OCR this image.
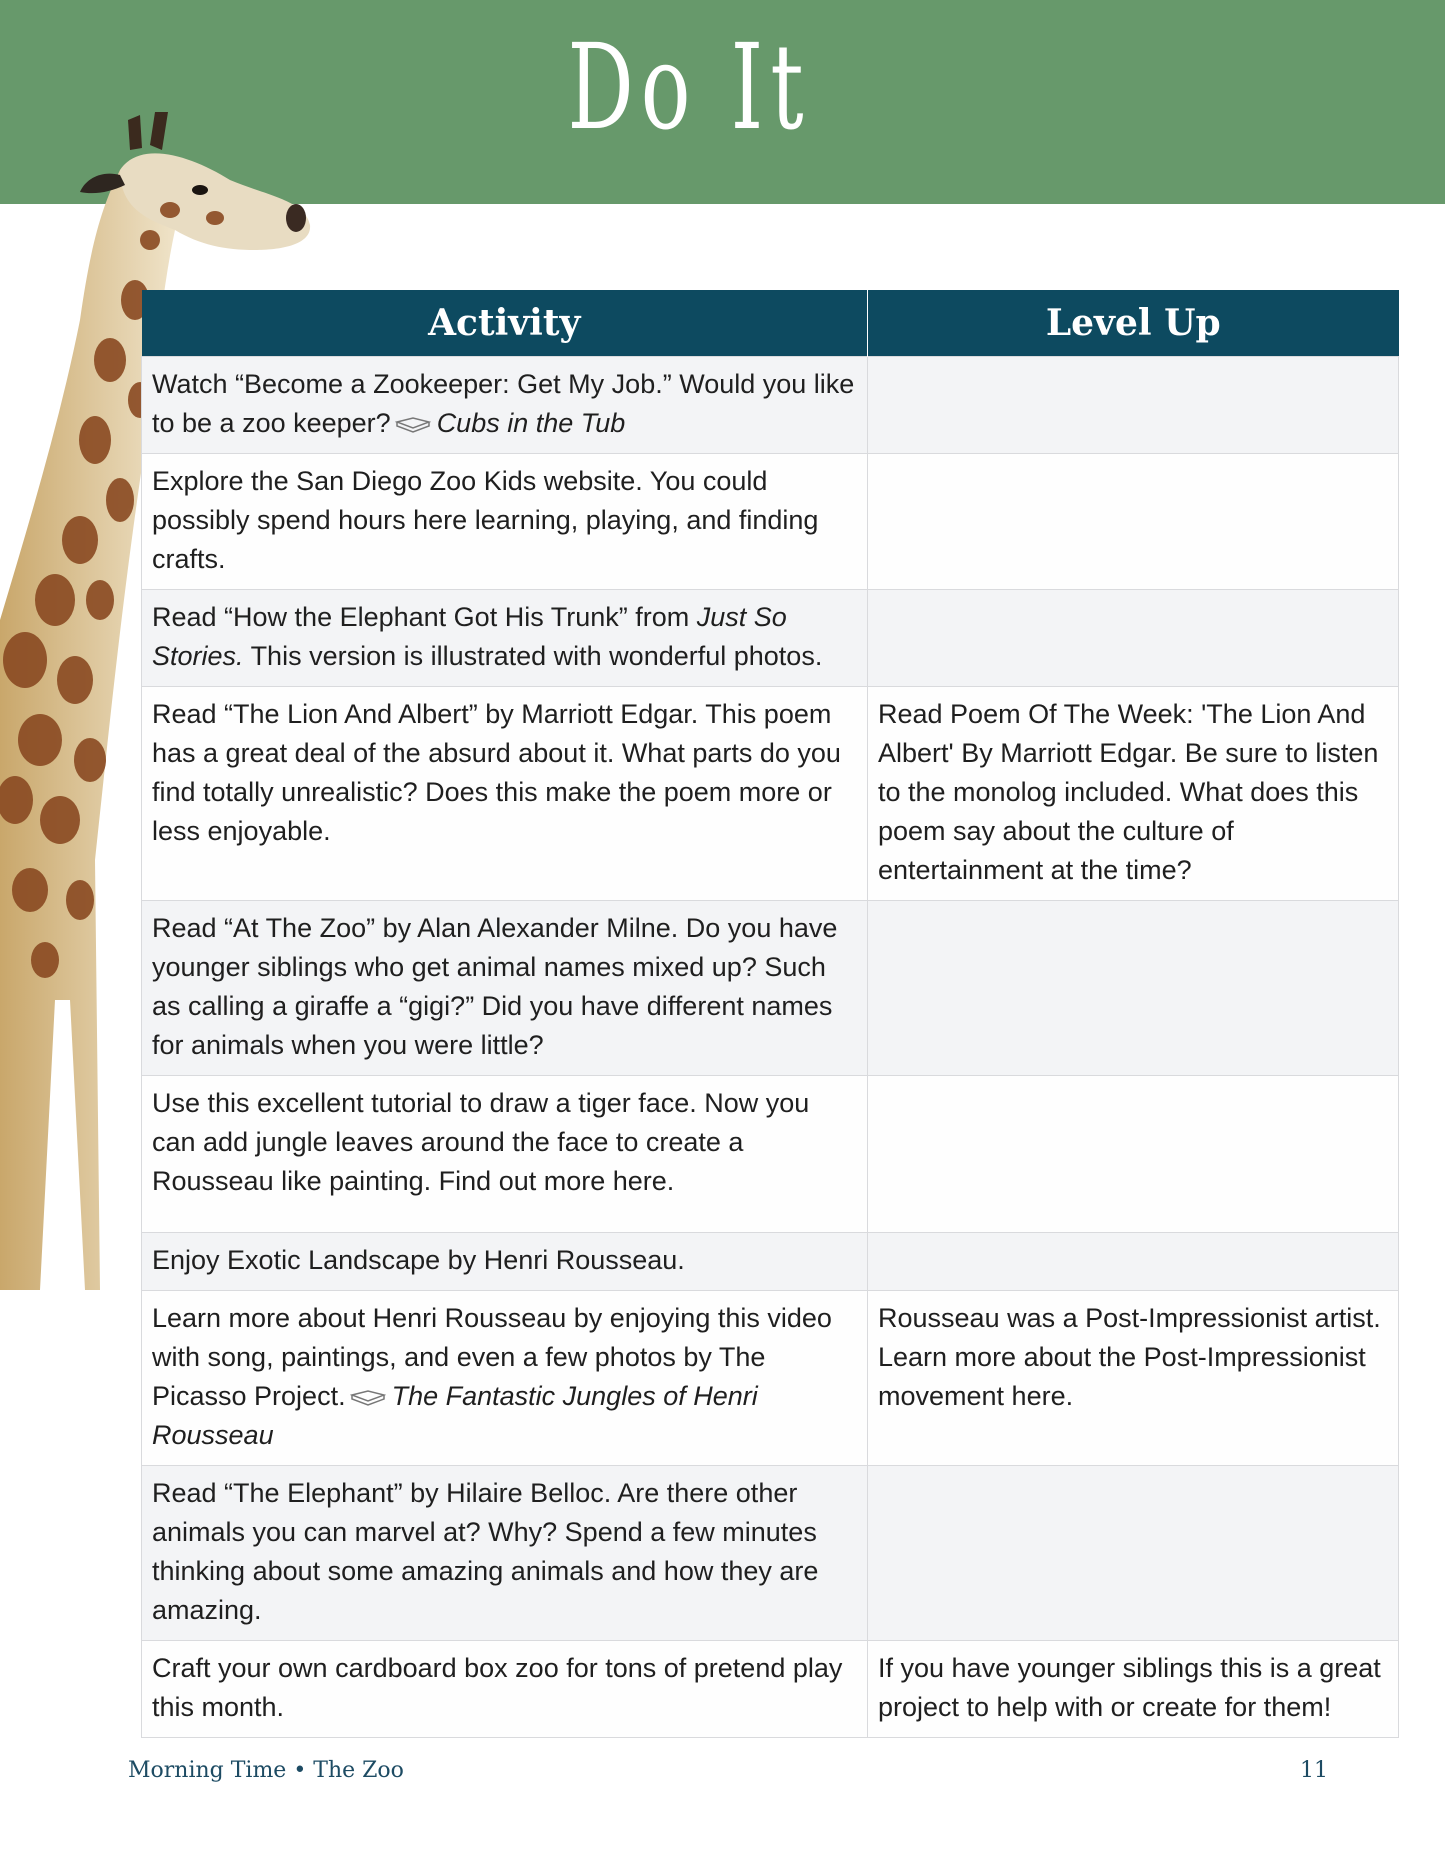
Do It
Activity	Level Up
Watch “Become a Zookeeper: Get My Job.” Would you like to be a zoo keeper? Cubs in the Tub	
Explore the San Diego Zoo Kids website. You could possibly spend hours here learning, playing, and finding crafts.	
Read “How the Elephant Got His Trunk” from Just So Stories. This version is illustrated with wonderful photos.	
Read “The Lion And Albert” by Marriott Edgar. This poem has a great deal of the absurd about it. What parts do you find totally unrealistic? Does this make the poem more or less enjoyable.	Read Poem Of The Week: 'The Lion And Albert' By Marriott Edgar. Be sure to listen to the monolog included. What does this poem say about the culture of entertainment at the time?
Read “At The Zoo” by Alan Alexander Milne. Do you have younger siblings who get animal names mixed up? Such as calling a giraffe a “gigi?” Did you have different names for animals when you were little?	
Use this excellent tutorial to draw a tiger face. Now you can add jungle leaves around the face to create a Rousseau like painting. Find out more here.	
Enjoy Exotic Landscape by Henri Rousseau.	
Learn more about Henri Rousseau by enjoying this video with song, paintings, and even a few photos by The Picasso Project. The Fantastic Jungles of Henri Rousseau	Rousseau was a Post-Impressionist artist. Learn more about the Post-Impressionist movement here.
Read “The Elephant” by Hilaire Belloc. Are there other animals you can marvel at? Why? Spend a few minutes thinking about some amazing animals and how they are amazing.	
Craft your own cardboard box zoo for tons of pretend play this month.	If you have younger siblings this is a great project to help with or create for them!
Morning Time • The Zoo	11
